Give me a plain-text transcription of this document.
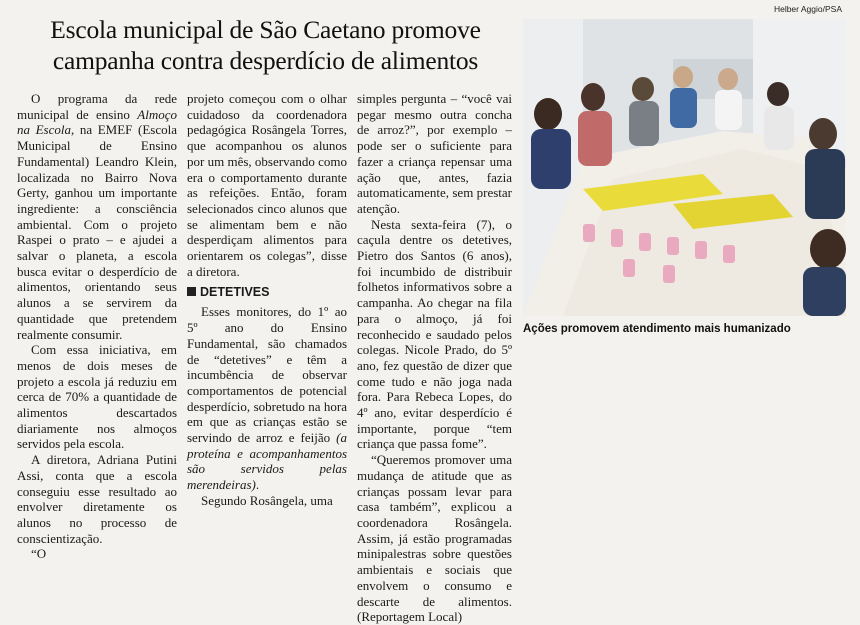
Escola municipal de São Caetano promove
campanha contra desperdício de alimentos
Helber Aggio/PSA

O programa da rede municipal de ensino Almoço na Escola, na EMEF (Escola Municipal de Ensino Fundamental) Leandro Klein, localizada no Bairro Nova Gerty, ganhou um importante ingrediente: a consciência ambiental. Com o projeto Raspei o prato – e ajudei a salvar o planeta, a escola busca evitar o desperdício de alimentos, orientando seus alunos a se servirem da quantidade que pretendem realmente consumir.

Com essa iniciativa, em menos de dois meses de projeto a escola já reduziu em cerca de 70% a quantidade de alimentos descartados diariamente nos almoços servidos pela escola.

A diretora, Adriana Putini Assi, conta que a escola conseguiu esse resultado ao envolver diretamente os alunos no processo de conscientização.

“O

projeto começou com o olhar cuidadoso da coordenadora pedagógica Rosângela Torres, que acompanhou os alunos por um mês, observando como era o comportamento durante as refeições. Então, foram selecionados cinco alunos que se alimentam bem e não desperdiçam alimentos para orientarem os colegas”, disse a diretora.

DETETIVES

Esses monitores, do 1º ao 5º ano do Ensino Fundamental, são chamados de “detetives” e têm a incumbência de observar comportamentos de potencial desperdício, sobretudo na hora em que as crianças estão se servindo de arroz e feijão (a proteína e acompanhamentos são servidos pelas merendeiras).

Segundo Rosângela, uma

simples pergunta – “você vai pegar mesmo outra concha de arroz?”, por exemplo – pode ser o suficiente para fazer a criança repensar uma ação que, antes, fazia automaticamente, sem prestar atenção.

Nesta sexta-feira (7), o caçula dentre os detetives, Pietro dos Santos (6 anos), foi incumbido de distribuir folhetos informativos sobre a campanha. Ao chegar na fila para o almoço, já foi reconhecido e saudado pelos colegas. Nicole Prado, do 5º ano, fez questão de dizer que come tudo e não joga nada fora. Para Rebeca Lopes, do 4º ano, evitar desperdício é importante, porque “tem criança que passa fome”.

“Queremos promover uma mudança de atitude que as crianças possam levar para casa também”, explicou a coordenadora Rosângela. Assim, já estão programadas minipalestras sobre questões ambientais e sociais que envolvem o consumo e descarte de alimentos. (Reportagem Local)

Ações promovem atendimento mais humanizado
